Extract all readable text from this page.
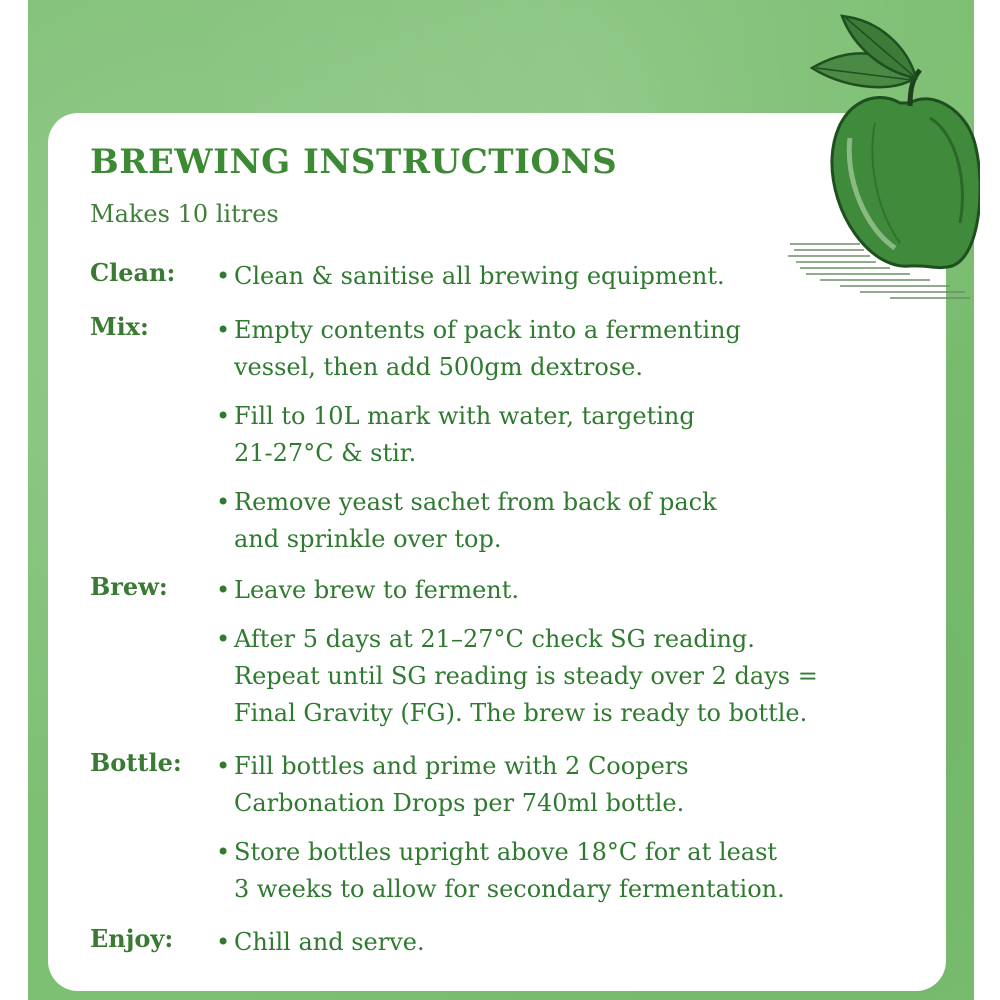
BREWING INSTRUCTIONS
Makes 10 litres
Clean: • Clean & sanitise all brewing equipment.
Mix:	• Empty contents of pack into a fermenting
vessel, then add 500gm dextrose.
• Fill to 10L mark with water, targeting
21-27°C & stir.
• Remove yeast sachet from back of pack
and sprinkle over top.
Brew: • Leave brew to ferment.
• After 5 days at 21–27°C check SG reading.
Repeat until SG reading is steady over 2 days =
Final Gravity (FG). The brew is ready to bottle.
Bottle: • Fill bottles and prime with 2 Coopers
Carbonation Drops per 740ml bottle.
• Store bottles upright above 18°C for at least
3 weeks to allow for secondary fermentation.
Enjoy: • Chill and serve.
